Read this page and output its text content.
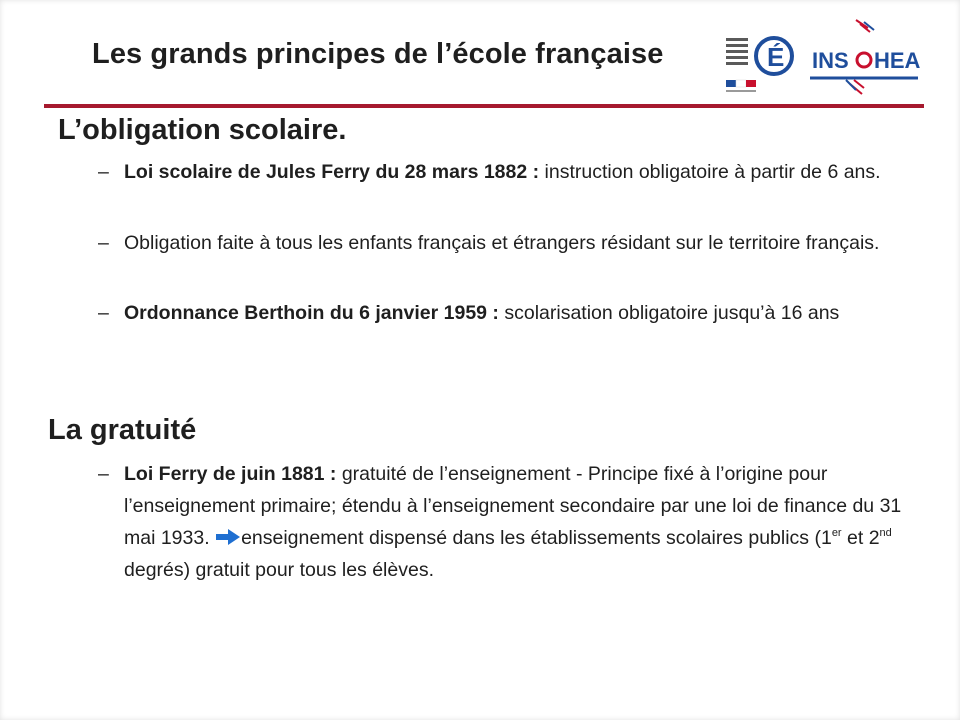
Les grands principes de l’école française	É INS HEA
L’obligation scolaire.
– Loi scolaire de Jules Ferry du 28 mars 1882 : instruction obligatoire à partir de 6 ans.
– Obligation faite à tous les enfants français et étrangers résidant sur le territoire français.
– Ordonnance Berthoin du 6 janvier 1959 : scolarisation obligatoire jusqu’à 16 ans
La gratuité
– Loi Ferry de juin 1881 : gratuité de l’enseignement - Principe fixé à l’origine pour l’enseignement primaire; étendu à l’enseignement secondaire par une loi de finance du 31 mai 1933. enseignement dispensé dans les établissements scolaires publics (1er et 2nd degrés) gratuit pour tous les élèves.
